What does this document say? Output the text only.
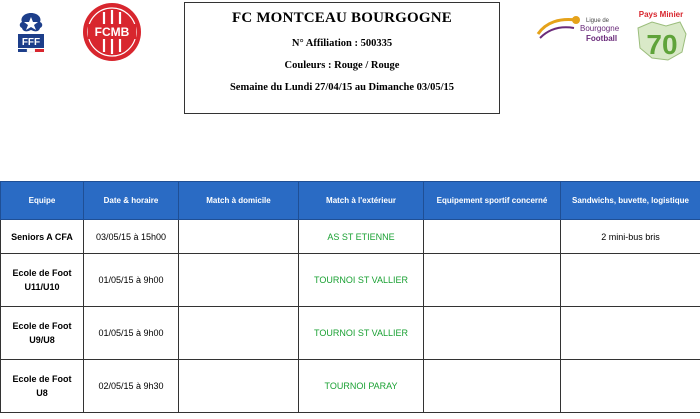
FFF
FCMB
Ligue de
Bourgogne
Football
Pays Minier
70
FC MONTCEAU BOURGOGNE
N° Affiliation : 500335
Couleurs : Rouge / Rouge
Semaine du Lundi 27/04/15 au Dimanche 03/05/15
Equipe	Date & horaire	Match à domicile	Match à l'extérieur	Equipement sportif concerné	Sandwichs, buvette, logistique
Seniors A CFA	03/05/15 à 15h00		AS ST ETIENNE		2 mini-bus bris
Ecole de Foot
U11/U10	01/05/15 à 9h00		TOURNOI ST VALLIER		
Ecole de Foot
U9/U8	01/05/15 à 9h00		TOURNOI ST VALLIER		
Ecole de Foot
U8	02/05/15 à 9h30		TOURNOI PARAY		
